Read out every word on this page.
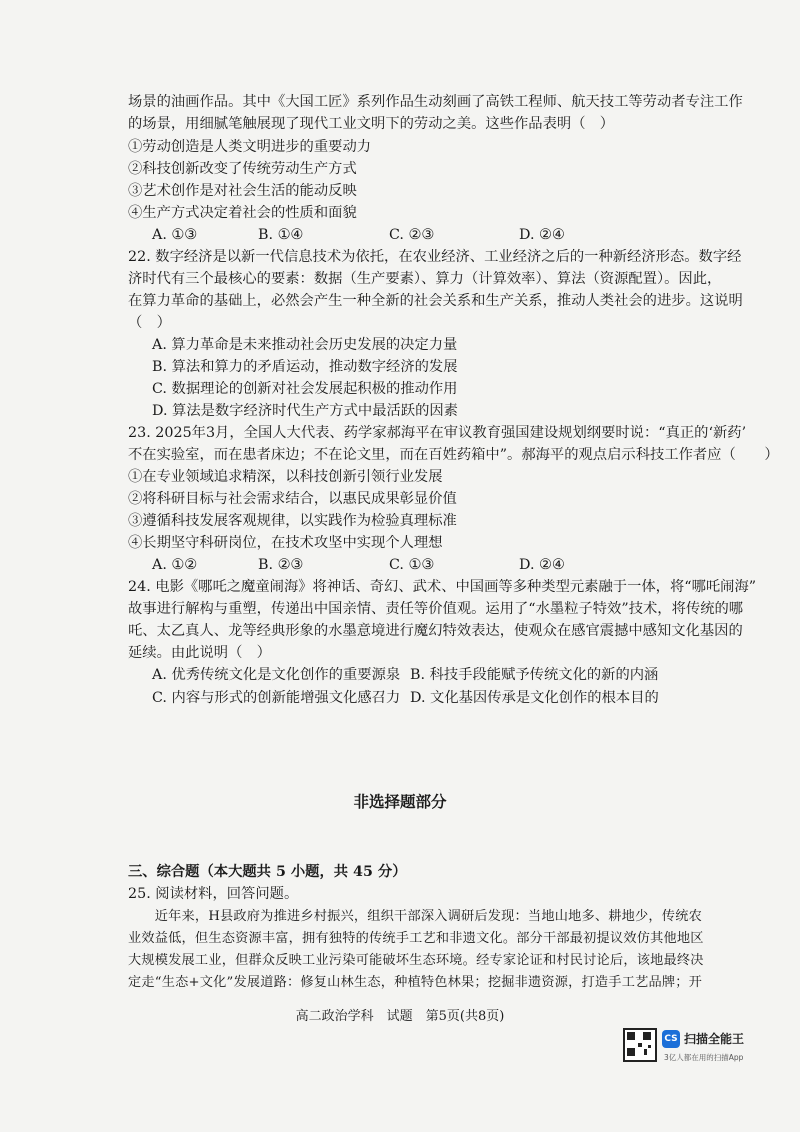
场景的油画作品。其中《大国工匠》系列作品生动刻画了高铁工程师、航天技工等劳动者专注工作
的场景，用细腻笔触展现了现代工业文明下的劳动之美。这些作品表明（　）
①劳动创造是人类文明进步的重要动力
②科技创新改变了传统劳动生产方式
③艺术创作是对社会生活的能动反映
④生产方式决定着社会的性质和面貌
A. ①③	B. ①④	C. ②③	D. ②④
22. 数字经济是以新一代信息技术为依托，在农业经济、工业经济之后的一种新经济形态。数字经
济时代有三个最核心的要素：数据（生产要素）、算力（计算效率）、算法（资源配置）。因此，
在算力革命的基础上，必然会产生一种全新的社会关系和生产关系，推动人类社会的进步。这说明
（　）
A. 算力革命是未来推动社会历史发展的决定力量
B. 算法和算力的矛盾运动，推动数字经济的发展
C. 数据理论的创新对社会发展起积极的推动作用
D. 算法是数字经济时代生产方式中最活跃的因素
23. 2025年3月，全国人大代表、药学家郝海平在审议教育强国建设规划纲要时说：“真正的‘新药’
不在实验室，而在患者床边；不在论文里，而在百姓药箱中”。郝海平的观点启示科技工作者应（　　）
①在专业领域追求精深，以科技创新引领行业发展
②将科研目标与社会需求结合，以惠民成果彰显价值
③遵循科技发展客观规律，以实践作为检验真理标准
④长期坚守科研岗位，在技术攻坚中实现个人理想
A. ①②	B. ②③	C. ①③	D. ②④
24. 电影《哪吒之魔童闹海》将神话、奇幻、武术、中国画等多种类型元素融于一体，将“哪吒闹海”
故事进行解构与重塑，传递出中国亲情、责任等价值观。运用了“水墨粒子特效”技术，将传统的哪
吒、太乙真人、龙等经典形象的水墨意境进行魔幻特效表达，使观众在感官震撼中感知文化基因的
延续。由此说明（　）
A. 优秀传统文化是文化创作的重要源泉 B. 科技手段能赋予传统文化的新的内涵
C. 内容与形式的创新能增强文化感召力 D. 文化基因传承是文化创作的根本目的
非选择题部分
三、综合题（本大题共 5 小题，共 45 分）
25. 阅读材料，回答问题。
　　近年来，H县政府为推进乡村振兴，组织干部深入调研后发现：当地山地多、耕地少，传统农
业效益低，但生态资源丰富，拥有独特的传统手工艺和非遗文化。部分干部最初提议效仿其他地区
大规模发展工业，但群众反映工业污染可能破坏生态环境。经专家论证和村民讨论后，该地最终决
定走“生态+文化”发展道路：修复山林生态，种植特色林果；挖掘非遗资源，打造手工艺品牌；开
高二政治学科　试题　第5页(共8页)
CS 扫描全能王
3亿人都在用的扫描App
